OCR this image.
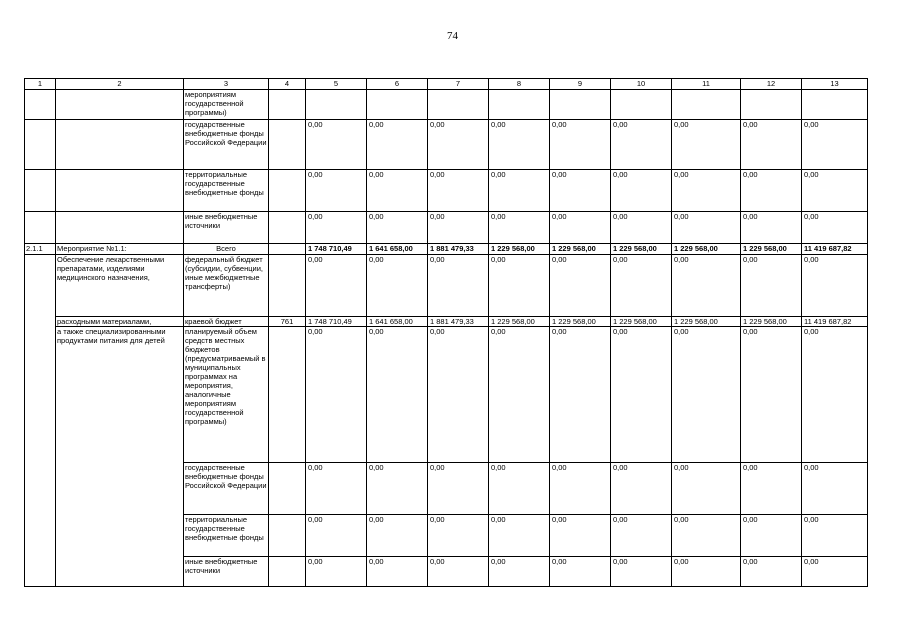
74
1	2	3	4	5	6	7	8	9	10	11	12	13
		мероприятиям государственной программы)										
		государственные внебюджетные фонды Российской Федерации		0,00	0,00	0,00	0,00	0,00	0,00	0,00	0,00	0,00
		территориальные государственные внебюджетные фонды		0,00	0,00	0,00	0,00	0,00	0,00	0,00	0,00	0,00
		иные внебюджетные источники		0,00	0,00	0,00	0,00	0,00	0,00	0,00	0,00	0,00
2.1.1	Мероприятие №1.1:	Всего		1 748 710,49	1 641 658,00	1 881 479,33	1 229 568,00	1 229 568,00	1 229 568,00	1 229 568,00	1 229 568,00	11 419 687,82
	Обеспечение лекарственными препаратами, изделиями медицинского назначения,	федеральный бюджет (субсидии, субвенции, иные межбюджетные трансферты)		0,00	0,00	0,00	0,00	0,00	0,00	0,00	0,00	0,00
	расходными материалами,	краевой бюджет	761	1 748 710,49	1 641 658,00	1 881 479,33	1 229 568,00	1 229 568,00	1 229 568,00	1 229 568,00	1 229 568,00	11 419 687,82
	а также специализированными продуктами питания для детей	планируемый объем средств местных бюджетов (предусматриваемый в муниципальных программах на мероприятия, аналогичные мероприятиям государственной программы)		0,00	0,00	0,00	0,00	0,00	0,00	0,00	0,00	0,00
		государственные внебюджетные фонды Российской Федерации		0,00	0,00	0,00	0,00	0,00	0,00	0,00	0,00	0,00
		территориальные государственные внебюджетные фонды		0,00	0,00	0,00	0,00	0,00	0,00	0,00	0,00	0,00
		иные внебюджетные источники		0,00	0,00	0,00	0,00	0,00	0,00	0,00	0,00	0,00
